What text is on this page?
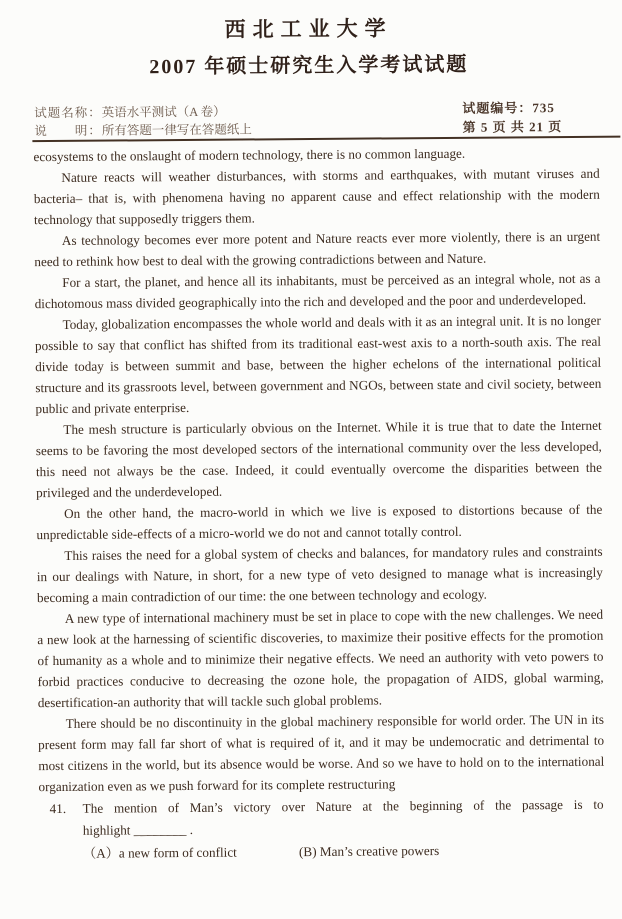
西北工业大学
2007 年硕士研究生入学考试试题
试题名称：英语水平测试（A 卷）
说　　明：所有答题一律写在答题纸上
试题编号：735
第 5 页 共 21 页

ecosystems to the onslaught of modern technology, there is no common language.

Nature reacts will weather disturbances, with storms and earthquakes, with mutant viruses and bacteria– that is, with phenomena having no apparent cause and effect relationship with the modern technology that supposedly triggers them.

As technology becomes ever more potent and Nature reacts ever more violently, there is an urgent need to rethink how best to deal with the growing contradictions between and Nature.

For a start, the planet, and hence all its inhabitants, must be perceived as an integral whole, not as a dichotomous mass divided geographically into the rich and developed and the poor and underdeveloped.

Today, globalization encompasses the whole world and deals with it as an integral unit. It is no longer possible to say that conflict has shifted from its traditional east-west axis to a north-south axis. The real divide today is between summit and base, between the higher echelons of the international political structure and its grassroots level, between government and NGOs, between state and civil society, between public and private enterprise.

The mesh structure is particularly obvious on the Internet. While it is true that to date the Internet seems to be favoring the most developed sectors of the international community over the less developed, this need not always be the case. Indeed, it could eventually overcome the disparities between the privileged and the underdeveloped.

On the other hand, the macro-world in which we live is exposed to distortions because of the unpredictable side-effects of a micro-world we do not and cannot totally control.

This raises the need for a global system of checks and balances, for mandatory rules and constraints in our dealings with Nature, in short, for a new type of veto designed to manage what is increasingly becoming a main contradiction of our time: the one between technology and ecology.

A new type of international machinery must be set in place to cope with the new challenges. We need a new look at the harnessing of scientific discoveries, to maximize their positive effects for the promotion of humanity as a whole and to minimize their negative effects. We need an authority with veto powers to forbid practices conducive to decreasing the ozone hole, the propagation of AIDS, global warming, desertification-an authority that will tackle such global problems.

There should be no discontinuity in the global machinery responsible for world order. The UN in its present form may fall far short of what is required of it, and it may be undemocratic and detrimental to most citizens in the world, but its absence would be worse. And so we have to hold on to the international organization even as we push forward for its complete restructuring

41.	The mention of Man’s victory over Nature at the beginning of the passage is to
highlight ________ .
（A）a new form of conflict	(B) Man’s creative powers
